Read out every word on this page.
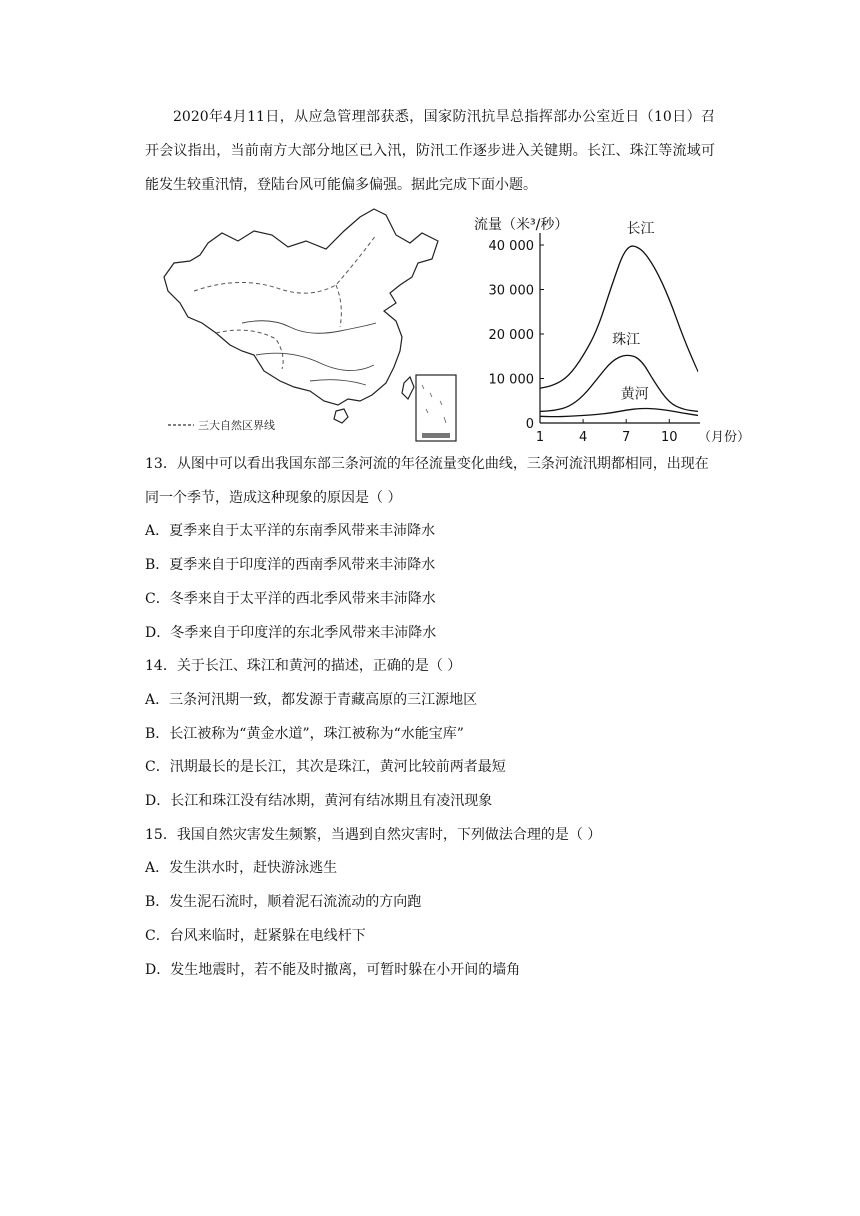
2020年4月11日，从应急管理部获悉，国家防汛抗旱总指挥部办公室近日（10日）召开会议指出，当前南方大部分地区已入汛，防汛工作逐步进入关键期。长江、珠江等流域可能发生较重汛情，登陆台风可能偏多偏强。据此完成下面小题。

三大自然区界线
流量（米³/秒）
0
10 000
20 000
30 000
40 000
1	4	7 10 （月份）
长江
珠江
黄河

13．从图中可以看出我国东部三条河流的年径流量变化曲线，三条河流汛期都相同，出现在同一个季节，造成这种现象的原因是（ ）

A．夏季来自于太平洋的东南季风带来丰沛降水

B．夏季来自于印度洋的西南季风带来丰沛降水

C．冬季来自于太平洋的西北季风带来丰沛降水

D．冬季来自于印度洋的东北季风带来丰沛降水

14．关于长江、珠江和黄河的描述，正确的是（ ）

A．三条河汛期一致，都发源于青藏高原的三江源地区

B．长江被称为“黄金水道”，珠江被称为“水能宝库”

C．汛期最长的是长江，其次是珠江，黄河比较前两者最短

D．长江和珠江没有结冰期，黄河有结冰期且有凌汛现象

15．我国自然灾害发生频繁，当遇到自然灾害时，下列做法合理的是（ ）

A．发生洪水时，赶快游泳逃生

B．发生泥石流时，顺着泥石流流动的方向跑

C．台风来临时，赶紧躲在电线杆下

D．发生地震时，若不能及时撤离，可暂时躲在小开间的墙角
